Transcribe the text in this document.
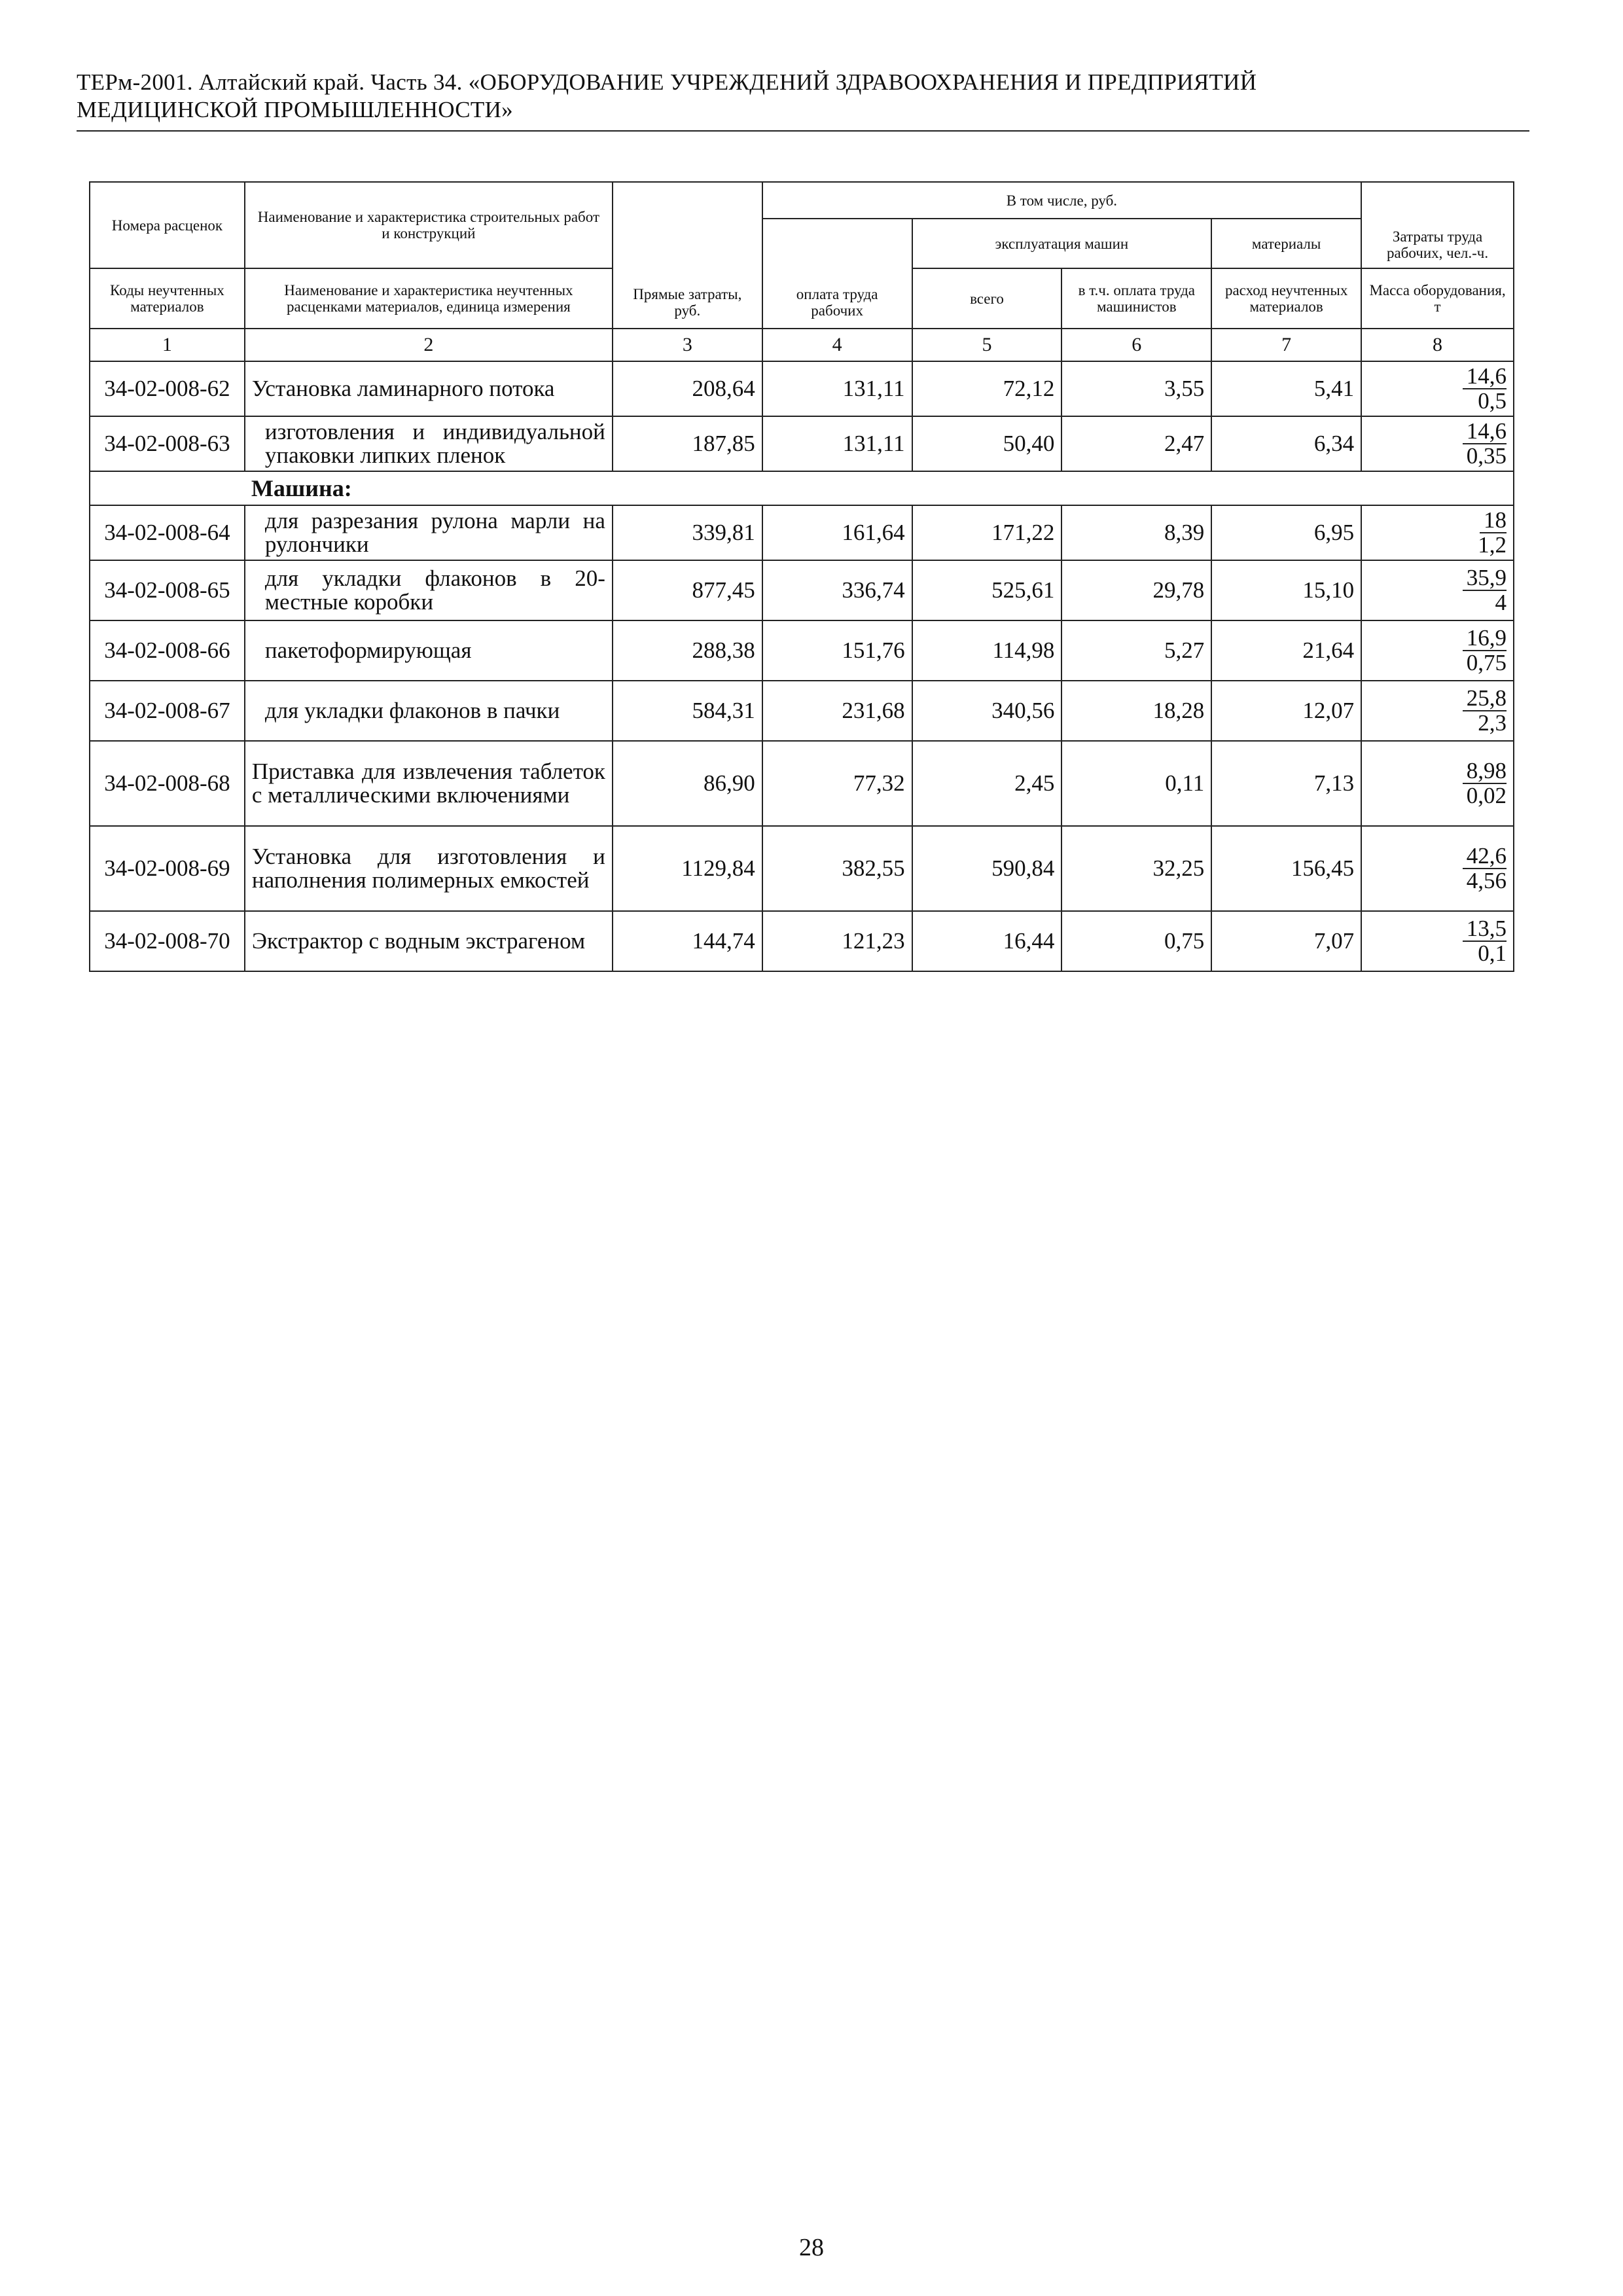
ТЕРм-2001. Алтайский край. Часть 34. «ОБОРУДОВАНИЕ УЧРЕЖДЕНИЙ ЗДРАВООХРАНЕНИЯ И ПРЕДПРИЯТИЙ
МЕДИЦИНСКОЙ ПРОМЫШЛЕННОСТИ»
Номера расценок	Наименование и характеристика строительных работ и конструкций	Прямые затраты, руб.	В том числе, руб.				Затраты труда рабочих, чел.-ч.
			оплата труда рабочих	эксплуатация машин		материалы	
Коды неучтенных материалов	Наименование и характеристика неучтенных расценками материалов, единица измерения			всего	в т.ч. оплата труда машинистов	расход неучтенных материалов	Масса оборудования, т
1	2	3	4	5	6	7	8
34-02-008-62	Установка ламинарного потока	208,64	131,11	72,12	3,55	5,41	14,6
0,5

34-02-008-63	изготовления и индивидуальной упаковки липких пленок	187,85	131,11	50,40	2,47	6,34	14,6
0,35

	Машина:						
34-02-008-64	для разрезания рулона марли на рулончики	339,81	161,64	171,22	8,39	6,95	18
1,2

34-02-008-65	для укладки флаконов в 20-местные коробки	877,45	336,74	525,61	29,78	15,10	35,9
4

34-02-008-66	пакетоформирующая	288,38	151,76	114,98	5,27	21,64	16,9
0,75

34-02-008-67	для укладки флаконов в пачки	584,31	231,68	340,56	18,28	12,07	25,8
2,3

34-02-008-68	Приставка для извлечения таблеток с металлическими включениями	86,90	77,32	2,45	0,11	7,13	8,98
0,02

34-02-008-69	Установка для изготовления и наполнения полимерных емкостей	1129,84	382,55	590,84	32,25	156,45	42,6
4,56

34-02-008-70	Экстрактор с водным экстрагеном	144,74	121,23	16,44	0,75	7,07	13,5
0,1
28
